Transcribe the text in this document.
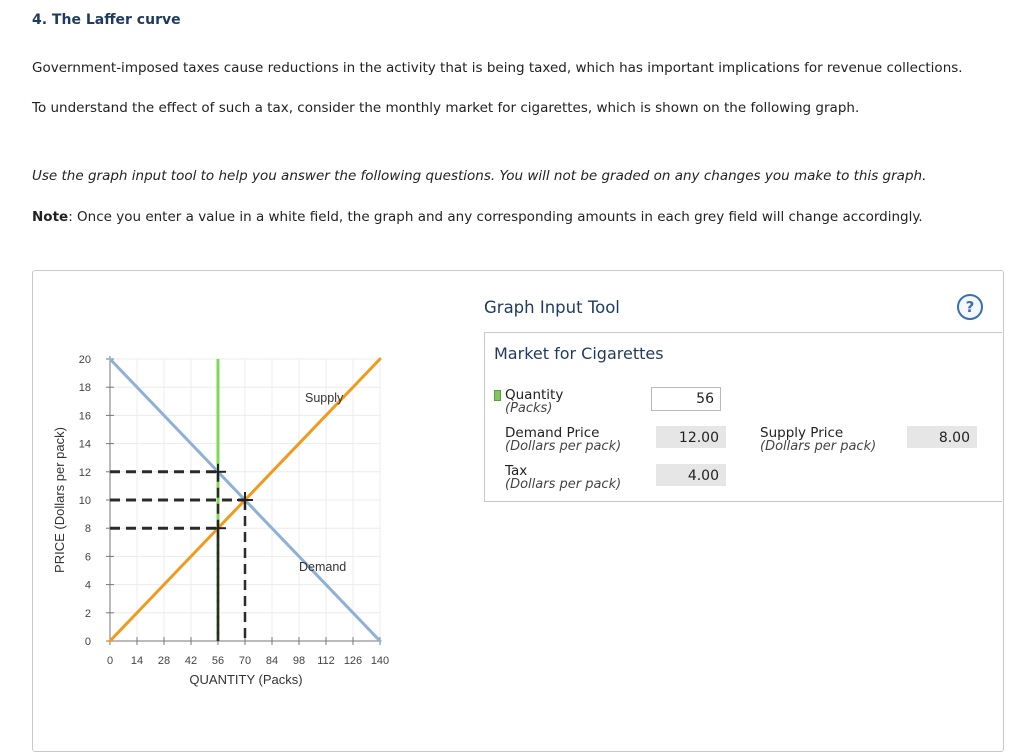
4. The Laffer curve
Government-imposed taxes cause reductions in the activity that is being taxed, which has important implications for revenue collections.
To understand the effect of such a tax, consider the monthly market for cigarettes, which is shown on the following graph.
Use the graph input tool to help you answer the following questions. You will not be graded on any changes you make to this graph.
Note: Once you enter a value in a white field, the graph and any corresponding amounts in each grey field will change accordingly.
0 14 28 42 56 70 84 98 112 126 140
0
2
4
6
8
10
12
14
16
18
20
Supply
Demand
QUANTITY (Packs)
PRICE (Dollars per pack)
Graph Input Tool	?
Market for Cigarettes
Quantity
(Packs)
56
Demand Price
(Dollars per pack)
12.00	Supply Price
(Dollars per pack)
8.00
Tax
(Dollars per pack)
4.00
